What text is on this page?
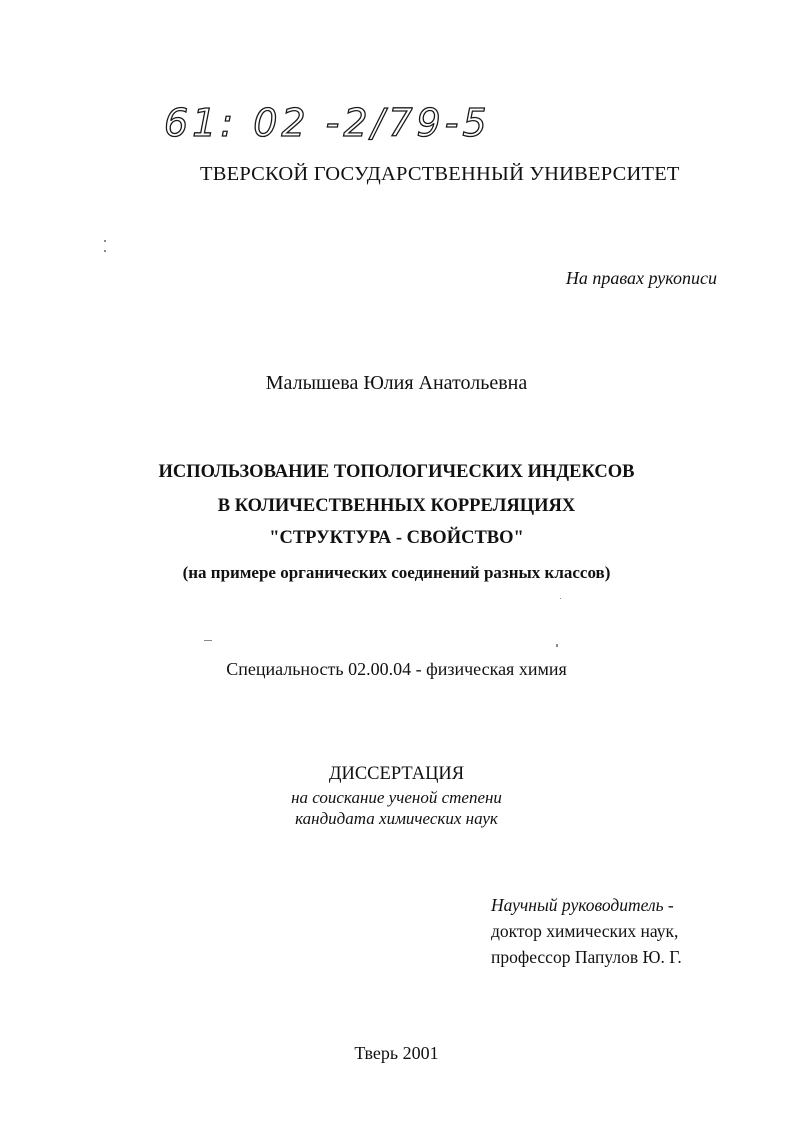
61: 02 -2/79-5
ТВЕРСКОЙ ГОСУДАРСТВЕННЫЙ УНИВЕРСИТЕТ
На правах рукописи
Малышева Юлия Анатольевна
ИСПОЛЬЗОВАНИЕ ТОПОЛОГИЧЕСКИХ ИНДЕКСОВ
В КОЛИЧЕСТВЕННЫХ КОРРЕЛЯЦИЯХ
"СТРУКТУРА - СВОЙСТВО"
(на примере органических соединений разных классов)
Специальность 02.00.04 - физическая химия
ДИССЕРТАЦИЯ
на соискание ученой степени
кандидата химических наук
Научный руководитель -
доктор химических наук,
профессор Папулов Ю. Г.
Тверь 2001
